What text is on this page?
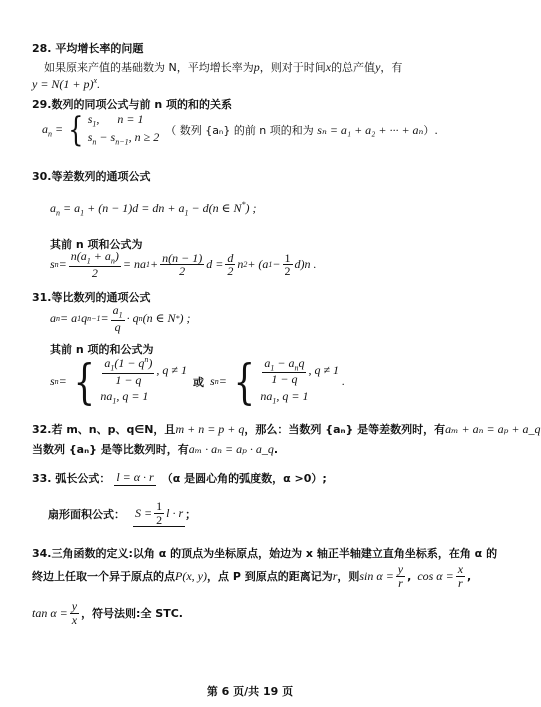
28. 平均增长率的问题
如果原来产值的基础数为 N，平均增长率为 p ，则对于时间 x 的总产值 y ，有
$y = N(1 + p)^x$.
29.数列的同项公式与前 n 项的和的关系
$a_n$ = { $s_1$,      n = 1
$s_n - s_{n-1}$, n ≥ 2 （ 数列 {aₙ} 的前 n 项的和为 sₙ = a₁ + a₂ + ··· + aₙ）.
30.等差数列的通项公式
$a_n = a_1 + (n - 1)d$ = dn + $a_1 - d(n$ ∈ N*) ;
其前 n 项和公式为
s $n = \frac{n(a_1 + a_n)}{2}$ = na $1 + \frac{n(n - 1)}{2}$ $d = \frac{d}{2}$ n 2 + (a $1 - \frac{1}{2} d)n$ .
31.等比数列的通项公式
a n = a 1 q $n-1 = \frac{a_1}{q} \cdot q$ n (n ∈ N * ) ;
其前 n 项的和公式为
s n = { $\frac{a_1(1 - q^n)}{1 - q}$ , q ≠ 1
$na_1$, q = 1
或 s n = { $\frac{a_1 - a_nq}{1 - q}$ , q ≠ 1
$na_1$, q = 1
.
32.若 m、n、p、q∈N，且 m + n = p + q ，那么：当数列 {aₙ} 是等差数列时，有 aₘ + aₙ = aₚ + a_q
当数列 {aₙ} 是等比数列时，有 aₘ · aₙ = aₚ · a_q .
33. 弧长公式： l = α · r （α 是圆心角的弧度数，α >0）;
扇形面积公式： $S = \frac{1}{2}$ l · r ；
34.三角函数的定义:以角 α 的顶点为坐标原点，始边为 x 轴正半轴建立直角坐标系，在角 α 的
终边上任取一个异于原点的点 P(x, y) ，点 P 到原点的距离记为 r ，则 $\sin \alpha = \frac{y}{r}$ , $\cos \alpha = \frac{x}{r}$ ,
$\tan \alpha = \frac{y}{x}$ ，符号法则:全 STC.
第 6 页/共 19 页
